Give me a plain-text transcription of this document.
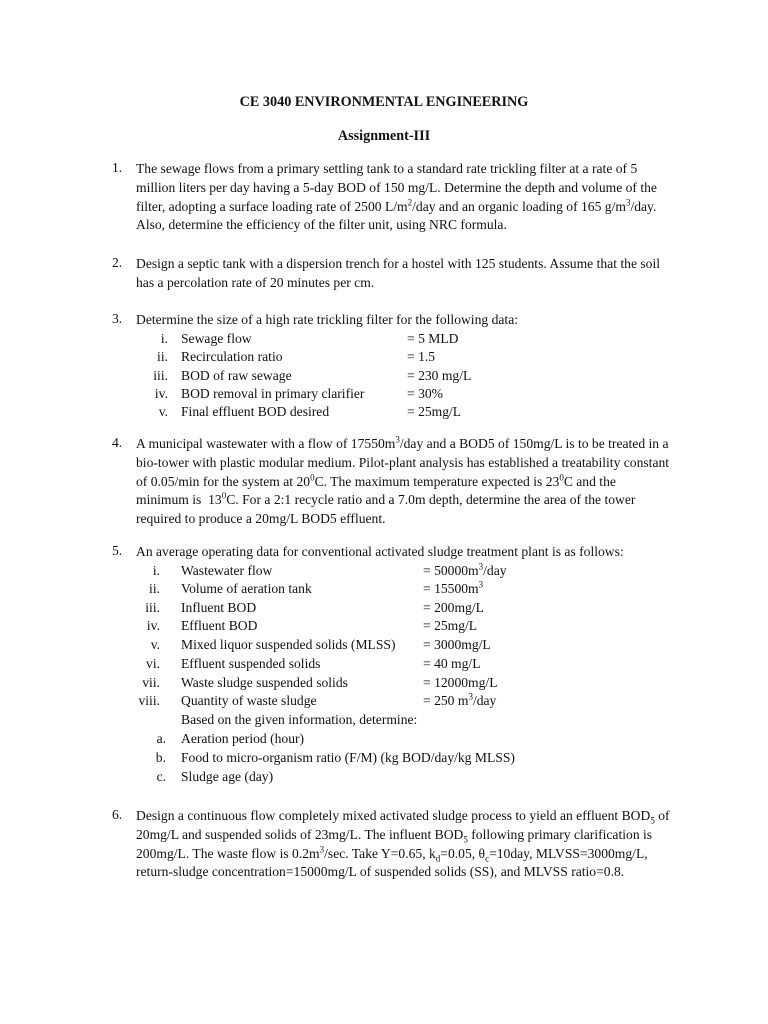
CE 3040 ENVIRONMENTAL ENGINEERING
Assignment-III
1. The sewage flows from a primary settling tank to a standard rate trickling filter at a rate of 5
million liters per day having a 5-day BOD of 150 mg/L. Determine the depth and volume of the
filter, adopting a surface loading rate of 2500 $L/m^2$/day and an organic loading of 165 $g/m^3$/day.
Also, determine the efficiency of the filter unit, using NRC formula.
2. Design a septic tank with a dispersion trench for a hostel with 125 students. Assume that the soil
has a percolation rate of 20 minutes per cm.
3. Determine the size of a high rate trickling filter for the following data:
i. Sewage flow	= 5 MLD
ii. Recirculation ratio	= 1.5
iii. BOD of raw sewage	= 230 mg/L
iv. BOD removal in primary clarifier	= 30%
v. Final effluent BOD desired	= 25mg/L
4. A municipal wastewater with a flow of $17550m^3$/day and a BOD5 of 150mg/L is to be treated in a
bio-tower with plastic modular medium. Pilot-plant analysis has established a treatability constant
of 0.05/min for the system at $20^0C$. The maximum temperature expected is $23^0C$ and the
minimum is  $13^0C$. For a 2:1 recycle ratio and a 7.0m depth, determine the area of the tower
required to produce a 20mg/L BOD5 effluent.
5. An average operating data for conventional activated sludge treatment plant is as follows:
i. Wastewater flow	= $50000m^3$/day
ii. Volume of aeration tank	= $15500m^3$
iii. Influent BOD	= 200mg/L
iv. Effluent BOD	= 25mg/L
v. Mixed liquor suspended solids (MLSS) = 3000mg/L
vi. Effluent suspended solids	= 40 mg/L
vii. Waste sludge suspended solids	= 12000mg/L
viii. Quantity of waste sludge	= 250 $m^3$/day
Based on the given information, determine:
a. Aeration period (hour)
b. Food to micro-organism ratio (F/M) (kg BOD/day/kg MLSS)
c. Sludge age (day)
6. Design a continuous flow completely mixed activated sludge process to yield an effluent $BOD_5$ of
20mg/L and suspended solids of 23mg/L. The influent $BOD_5$ following primary clarification is
200mg/L. The waste flow is $0.2m^3/\sec$. Take Y=0.65, $k_d=0.05$, $\theta_c=10day$, MLVSS=3000mg/L,
return-sludge concentration=15000mg/L of suspended solids (SS), and MLVSS ratio=0.8.
